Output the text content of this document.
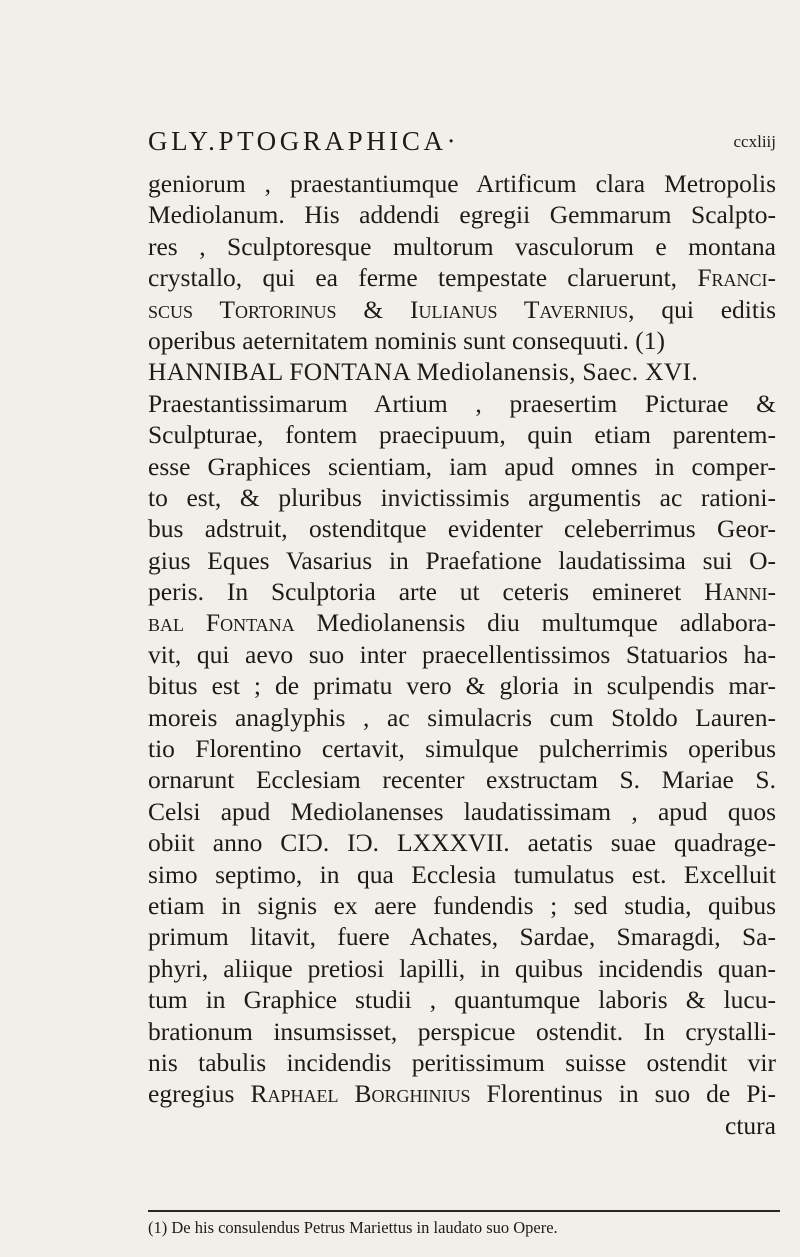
GLY.PTOGRAPHICA·	ccxliij
geniorum , praestantiumque Artificum clara Metropolis
Mediolanum. His addendi egregii Gemmarum Scalpto-
res , Sculptoresque multorum vasculorum e montana
crystallo, qui ea ferme tempestate claruerunt, Franci-
scus Tortorinus & Iulianus Tavernius, qui editis
operibus aeternitatem nominis sunt consequuti. (1)
HANNIBAL FONTANA Mediolanensis, Saec. XVI.
Praestantissimarum Artium , praesertim Picturae &
Sculpturae, fontem praecipuum, quin etiam parentem-
esse Graphices scientiam, iam apud omnes in comper-
to est, & pluribus invictissimis argumentis ac rationi-
bus adstruit, ostenditque evidenter celeberrimus Geor-
gius Eques Vasarius in Praefatione laudatissima sui O-
peris. In Sculptoria arte ut ceteris emineret Hanni-
bal Fontana Mediolanensis diu multumque adlabora-
vit, qui aevo suo inter praecellentissimos Statuarios ha-
bitus est ; de primatu vero & gloria in sculpendis mar-
moreis anaglyphis , ac simulacris cum Stoldo Lauren-
tio Florentino certavit, simulque pulcherrimis operibus
ornarunt Ecclesiam recenter exstructam S. Mariae S.
Celsi apud Mediolanenses laudatissimam , apud quos
obiit anno CIƆ. IƆ. LXXXVII. aetatis suae quadrage-
simo septimo, in qua Ecclesia tumulatus est. Excelluit
etiam in signis ex aere fundendis ; sed studia, quibus
primum litavit, fuere Achates, Sardae, Smaragdi, Sa-
phyri, aliique pretiosi lapilli, in quibus incidendis quan-
tum in Graphice studii , quantumque laboris & lucu-
brationum insumsisset, perspicue ostendit. In crystalli-
nis tabulis incidendis peritissimum suisse ostendit vir
egregius Raphael Borghinius Florentinus in suo de Pi-
ctura
(1) De his consulendus Petrus Mariettus in laudato suo Opere.
